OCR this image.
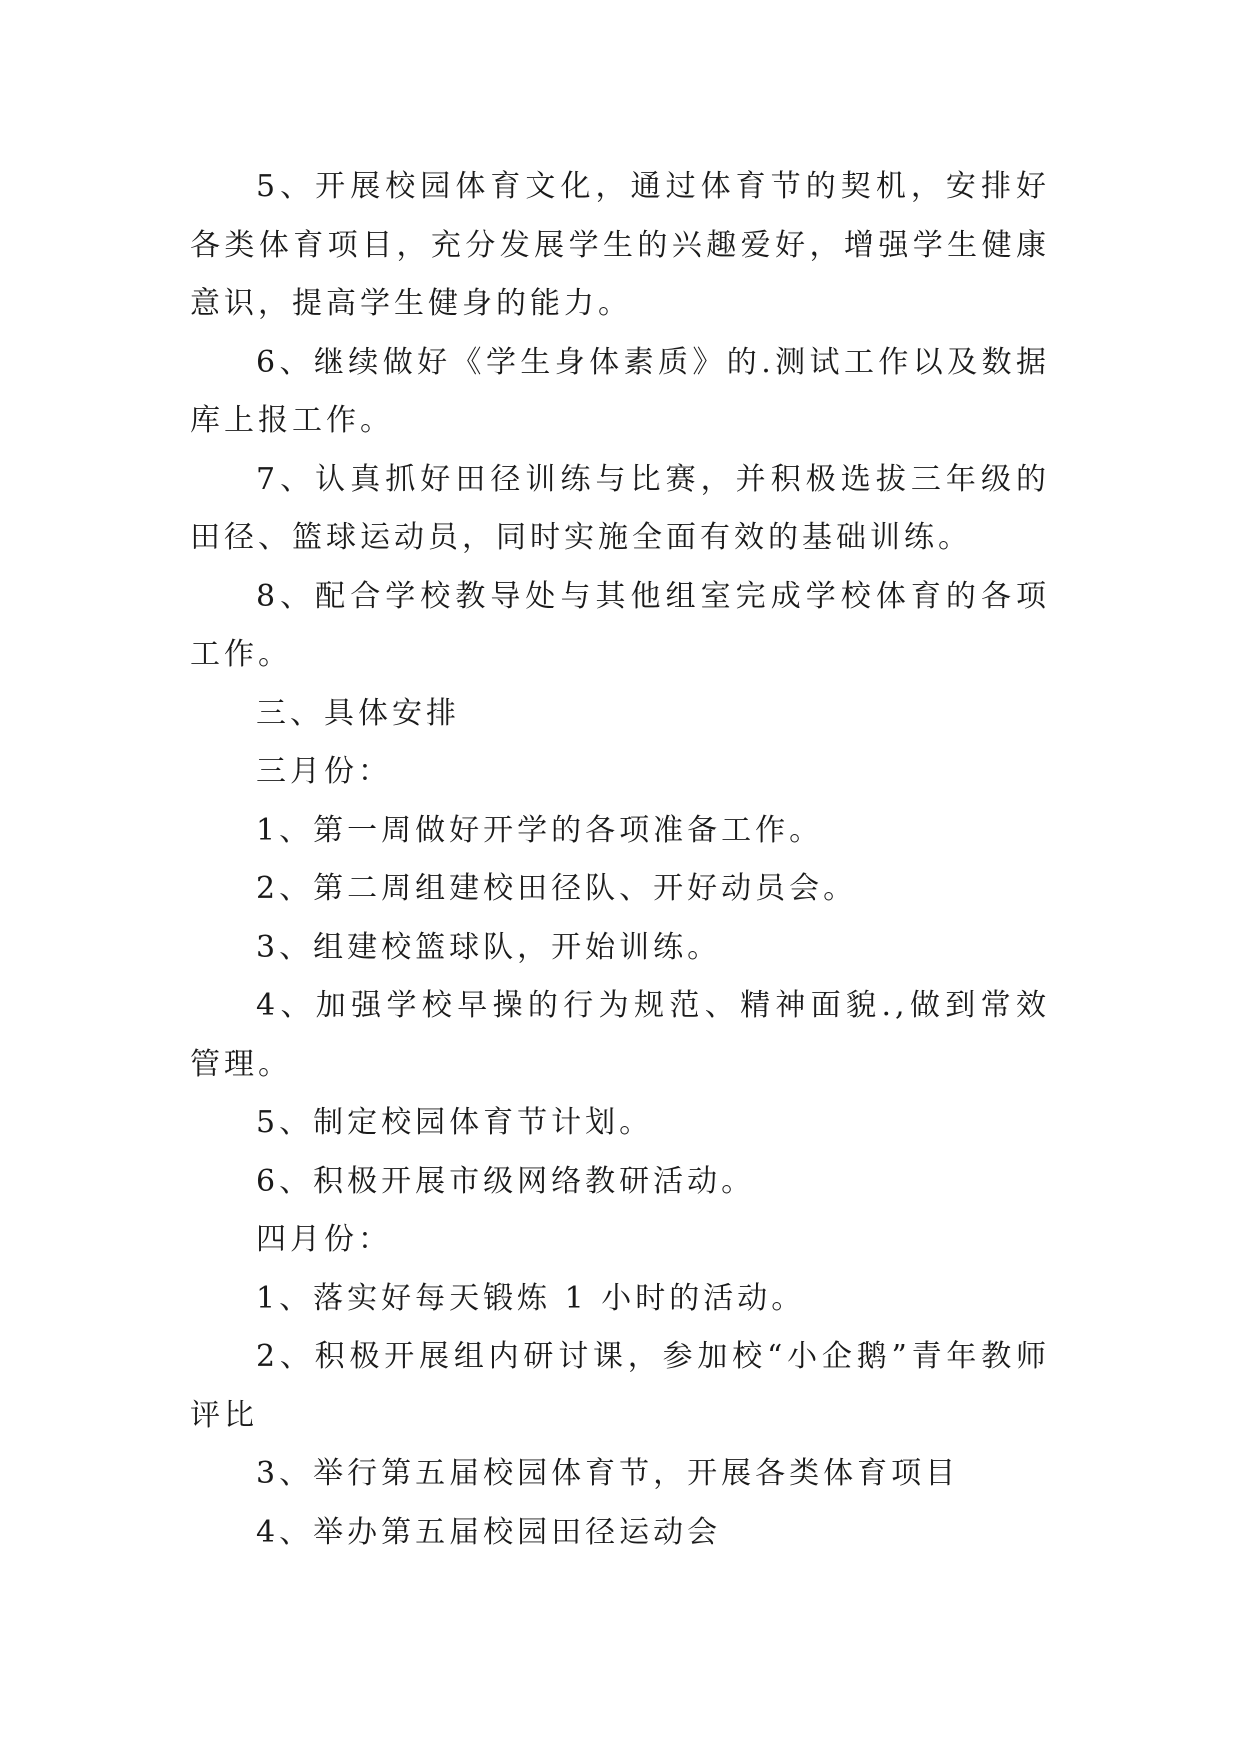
5、开展校园体育文化，通过体育节的契机，安排好各类体育项目，充分发展学生的兴趣爱好，增强学生健康意识，提高学生健身的能力。

6、继续做好《学生身体素质》的.测试工作以及数据库上报工作。

7、认真抓好田径训练与比赛，并积极选拔三年级的田径、篮球运动员，同时实施全面有效的基础训练。

8、配合学校教导处与其他组室完成学校体育的各项工作。

三、具体安排

三月份：

1、第一周做好开学的各项准备工作。

2、第二周组建校田径队、开好动员会。

3、组建校篮球队，开始训练。

4、加强学校早操的行为规范、精神面貌.,做到常效管理。

5、制定校园体育节计划。

6、积极开展市级网络教研活动。

四月份：

1、落实好每天锻炼 1 小时的活动。

2、积极开展组内研讨课，参加校“小企鹅”青年教师评比

3、举行第五届校园体育节，开展各类体育项目

4、举办第五届校园田径运动会
